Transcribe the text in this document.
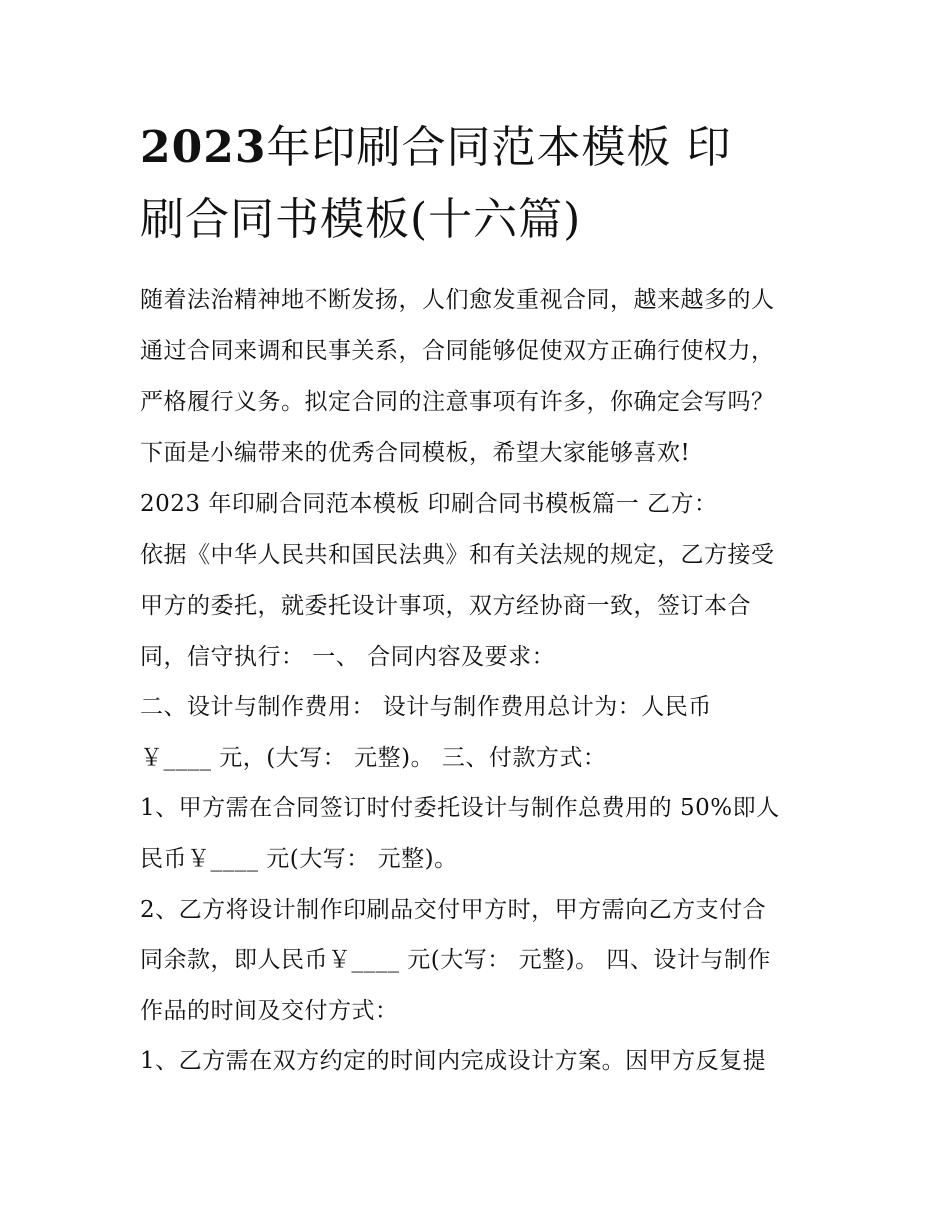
2023年印刷合同范本模板 印
刷合同书模板(十六篇)
随着法治精神地不断发扬，人们愈发重视合同，越来越多的人
通过合同来调和民事关系，合同能够促使双方正确行使权力，
严格履行义务。拟定合同的注意事项有许多，你确定会写吗？
下面是小编带来的优秀合同模板，希望大家能够喜欢!
2023 年印刷合同范本模板 印刷合同书模板篇一 乙方：
依据《中华人民共和国民法典》和有关法规的规定，乙方接受
甲方的委托，就委托设计事项，双方经协商一致，签订本合
同，信守执行： 一、 合同内容及要求：
二、设计与制作费用： 设计与制作费用总计为：人民币
￥____ 元，(大写： 元整)。 三、付款方式：
1、甲方需在合同签订时付委托设计与制作总费用的 50%即人
民币￥____ 元(大写： 元整)。
2、乙方将设计制作印刷品交付甲方时，甲方需向乙方支付合
同余款，即人民币￥____ 元(大写： 元整)。 四、设计与制作
作品的时间及交付方式：
1、乙方需在双方约定的时间内完成设计方案。因甲方反复提
